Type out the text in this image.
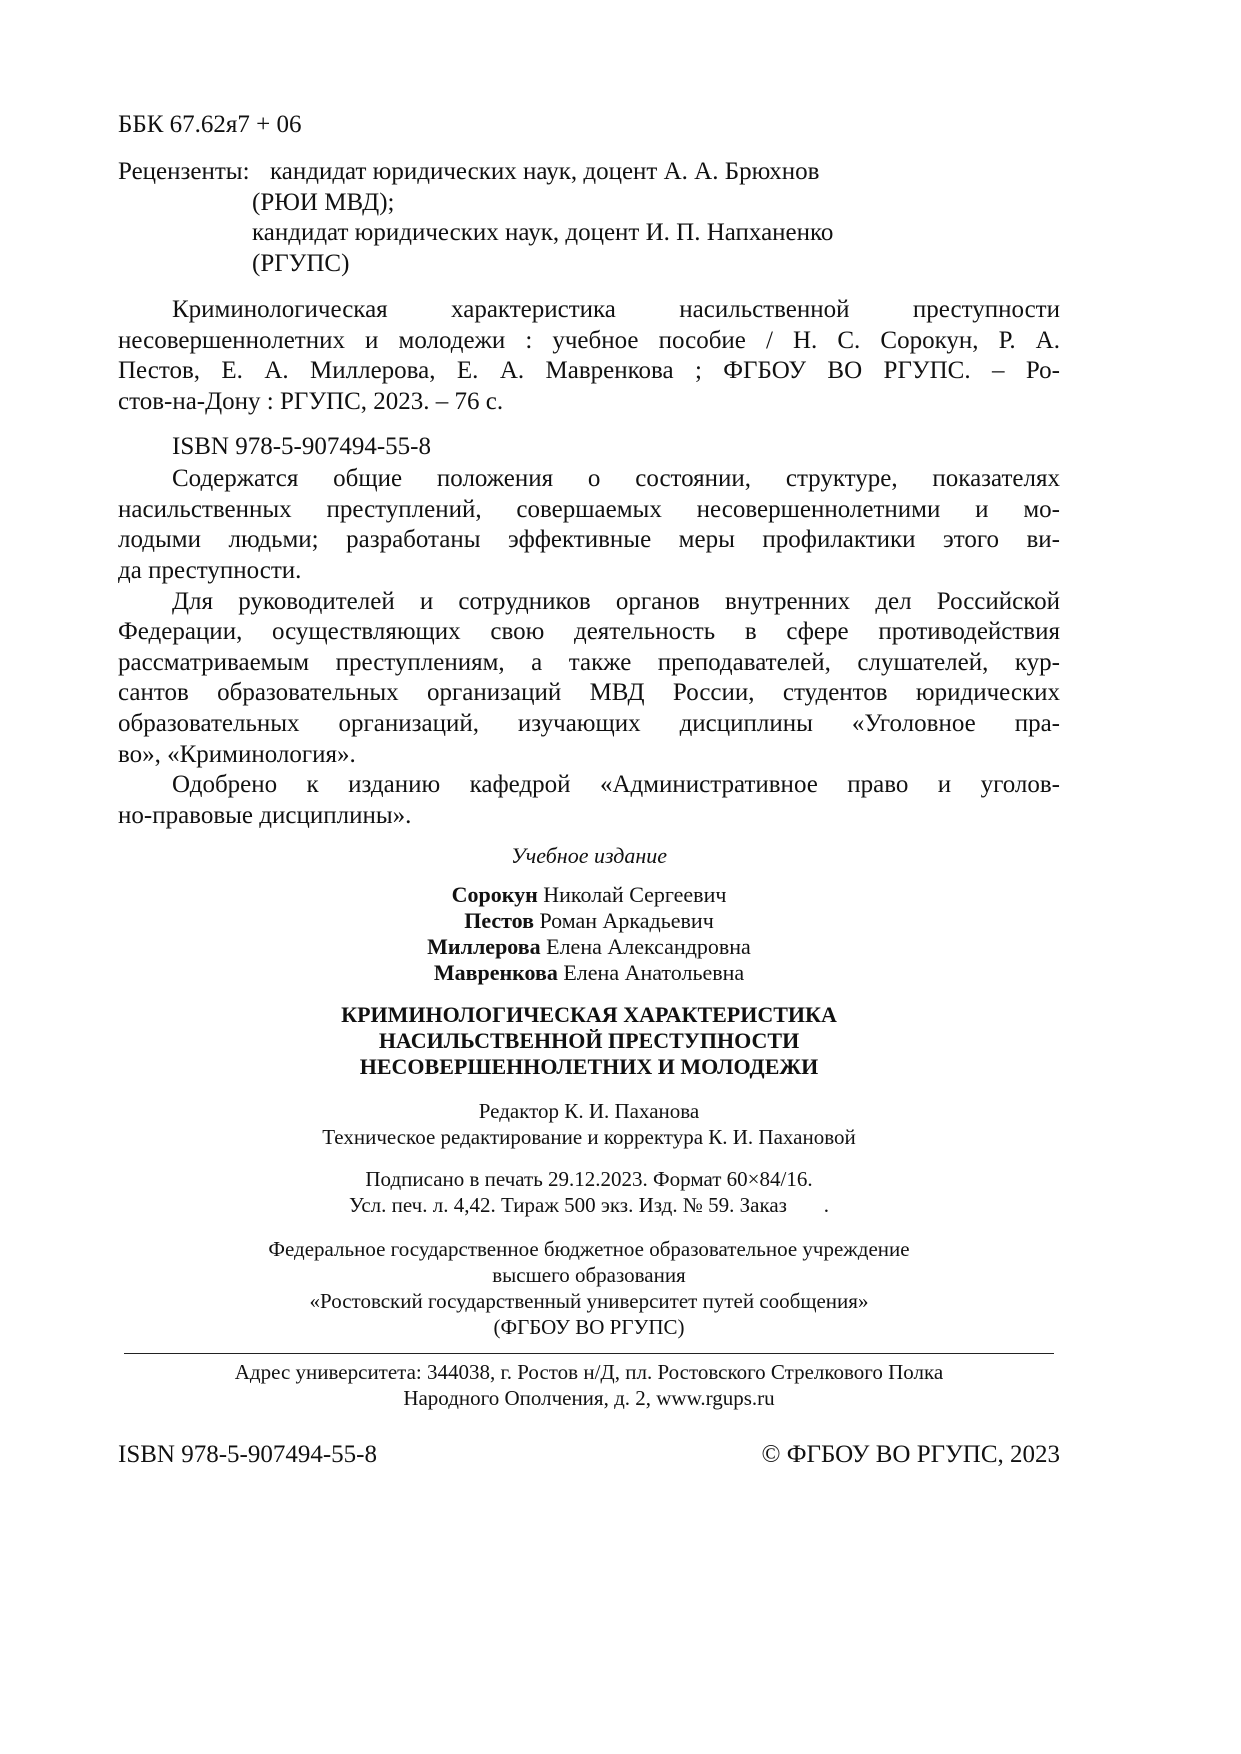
ББК 67.62я7 + 06
Рецензенты: кандидат юридических наук, доцент А. А. Брюхнов
(РЮИ МВД);
кандидат юридических наук, доцент И. П. Напханенко
(РГУПС)
Криминологическая характеристика насильственной преступности
несовершеннолетних и молодежи : учебное пособие / Н. С. Сорокун, Р. А.
Пестов, Е. А. Миллерова, Е. А. Мавренкова ; ФГБОУ ВО РГУПС. – Ро-
стов-на-Дону : РГУПС, 2023. – 76 с.
ISBN 978-5-907494-55-8
Содержатся общие положения о состоянии, структуре, показателях
насильственных преступлений, совершаемых несовершеннолетними и мо-
лодыми людьми; разработаны эффективные меры профилактики этого ви-
да преступности.
Для руководителей и сотрудников органов внутренних дел Российской
Федерации, осуществляющих свою деятельность в сфере противодействия
рассматриваемым преступлениям, а также преподавателей, слушателей, кур-
сантов образовательных организаций МВД России, студентов юридических
образовательных организаций, изучающих дисциплины «Уголовное пра-
во», «Криминология».
Одобрено к изданию кафедрой «Административное право и уголов-
но-правовые дисциплины».
Учебное издание
Сорокун Николай Сергеевич
Пестов Роман Аркадьевич
Миллерова Елена Александровна
Мавренкова Елена Анатольевна
КРИМИНОЛОГИЧЕСКАЯ ХАРАКТЕРИСТИКА
НАСИЛЬСТВЕННОЙ ПРЕСТУПНОСТИ
НЕСОВЕРШЕННОЛЕТНИХ И МОЛОДЕЖИ
Редактор К. И. Паханова
Техническое редактирование и корректура К. И. Пахановой
Подписано в печать 29.12.2023. Формат 60×84/16.
Усл. печ. л. 4,42. Тираж 500 экз. Изд. № 59. Заказ       .
Федеральное государственное бюджетное образовательное учреждение
высшего образования
«Ростовский государственный университет путей сообщения»
(ФГБОУ ВО РГУПС)
Адрес университета: 344038, г. Ростов н/Д, пл. Ростовского Стрелкового Полка
Народного Ополчения, д. 2, www.rgups.ru
ISBN 978-5-907494-55-8	© ФГБОУ ВО РГУПС, 2023
